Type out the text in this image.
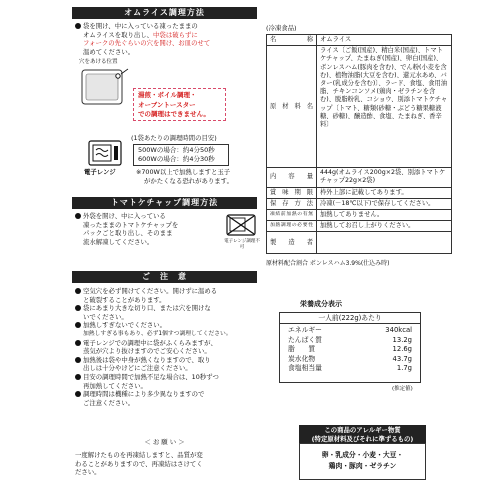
オムライス調理方法
袋を開け、中に入っている凍ったままの
オムライスを取り出し、中袋は破らずに
フォークの先ぐらいの穴を開け、お皿のせて
温めてください。
穴をあける位置
湯煎・ボイル調理・
オーブントースター
での調理はできません。
(1袋あたりの調理時間の目安)
500Wの場合：約4分50秒
600Wの場合：約4分30秒
電子レンジ	※700W以上で加熱しますと玉子
がかたくなる恐れがあります。
トマトケチャップ調理方法
外袋を開け、中に入っている
凍ったままのトマトケチャップを
パックごと取り出し、そのまま
流水解凍してください。	電子レンジ調理不可
ご　注　意
空気穴を必ず開けてください。開けずに温める
と破裂することがあります。
袋にあまり大きな切り口、または穴を開けな
いでください。
加熱しすぎないでください。
加熱しすぎる事もあり、必ず1個すつ調理してください。
電子レンジでの調理中に袋がふくらみますが、
蒸気が穴より抜けますのでご安心ください。
加熱後は袋や中身が熱くなりますので、取り
出しは十分やけどにご注意ください。
目安の調理時間で加熱不足な場合は、10秒ずつ
再加熱してください。
調理時間は機種により多少異なりますので
ご注意ください。
＜ お 願 い ＞
一度解けたものを再凍結しますと、品質が変
わることがありますので、再凍結はさけてく
ださい。
(冷凍食品)
名　称	オムライス
原材料名	ライス〔ご飯(国産)、精白米(国産)、トマトケチャップ、たまねぎ(国産)、卵白(国産)、ボンレスハム(豚肉を含む)、でん粉(小麦を含む)、植物油脂(大豆を含む)、還元水あめ、バター(乳成分を含む)〕、ラード、食塩、食用油脂、チキンコンソメ(鶏肉・ゼラチンを含む)、脱脂粉乳、コショウ、別添トマトケチャップ〔トマト、糖類(砂糖・ぶどう糖果糖液糖、砂糖)、醸造酢、食塩、たまねぎ、香辛料〕
内容量	444g(オムライス200g×2袋、別添トマトケチャップ22g×2袋)
賞味期限	枠外上部に記載してあります。
保存方法	冷凍(－18℃以下)で保存してください。
凍結前加熱の有無	加熱してありません。
加熱調理の必要性	加熱してお召し上がりください。
製造者	
原材料配合割合 ボンレスハム3.9%(仕込み時)
栄養成分表示
一人前(222g)あたり
エネルギー	340kcal
たんぱく質	13.2g
脂　　質	12.6g
炭水化物	43.7g
食塩相当量	1.7g
(推定値)
この商品のアレルギー物質
(特定原材料及びそれに準ずるもの)
卵・乳成分・小麦・大豆・
鶏肉・豚肉・ゼラチン
